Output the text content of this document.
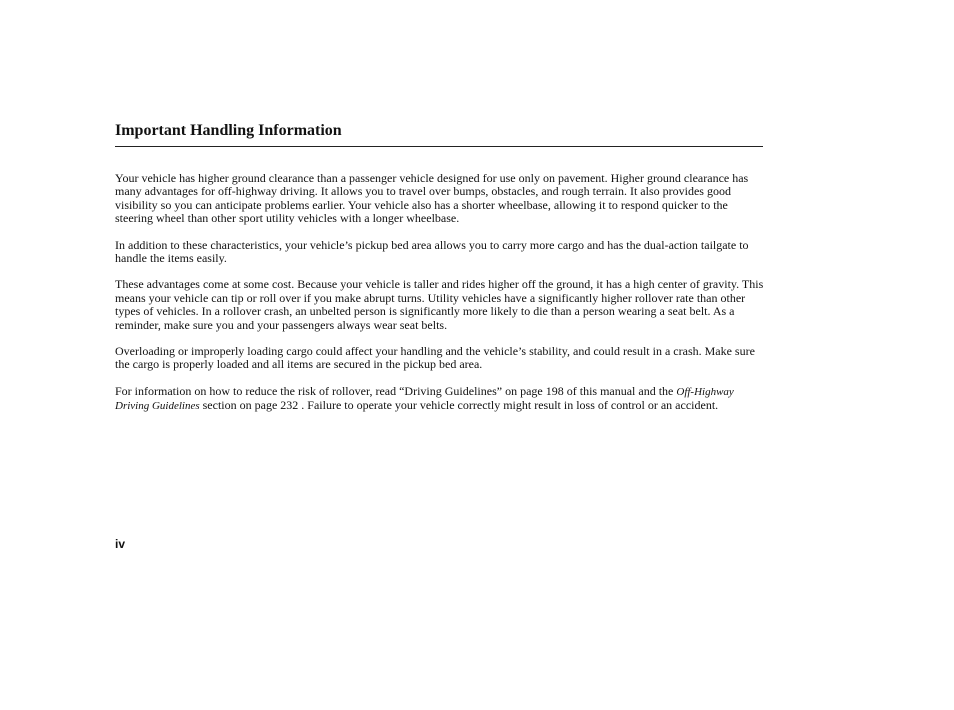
Important Handling Information

Your vehicle has higher ground clearance than a passenger vehicle designed for use only on pavement. Higher ground clearance has many advantages for off-highway driving. It allows you to travel over bumps, obstacles, and rough terrain. It also provides good visibility so you can anticipate problems earlier. Your vehicle also has a shorter wheelbase, allowing it to respond quicker to the steering wheel than other sport utility vehicles with a longer wheelbase.

In addition to these characteristics, your vehicle’s pickup bed area allows you to carry more cargo and has the dual-action tailgate to handle the items easily.

These advantages come at some cost. Because your vehicle is taller and rides higher off the ground, it has a high center of gravity. This means your vehicle can tip or roll over if you make abrupt turns. Utility vehicles have a significantly higher rollover rate than other types of vehicles. In a rollover crash, an unbelted person is significantly more likely to die than a person wearing a seat belt. As a reminder, make sure you and your passengers always wear seat belts.

Overloading or improperly loading cargo could affect your handling and the vehicle’s stability, and could result in a crash. Make sure the cargo is properly loaded and all items are secured in the pickup bed area.

For information on how to reduce the risk of rollover, read “Driving Guidelines” on page 198 of this manual and the Off-Highway Driving Guidelines section on page 232 . Failure to operate your vehicle correctly might result in loss of control or an accident.

iv
